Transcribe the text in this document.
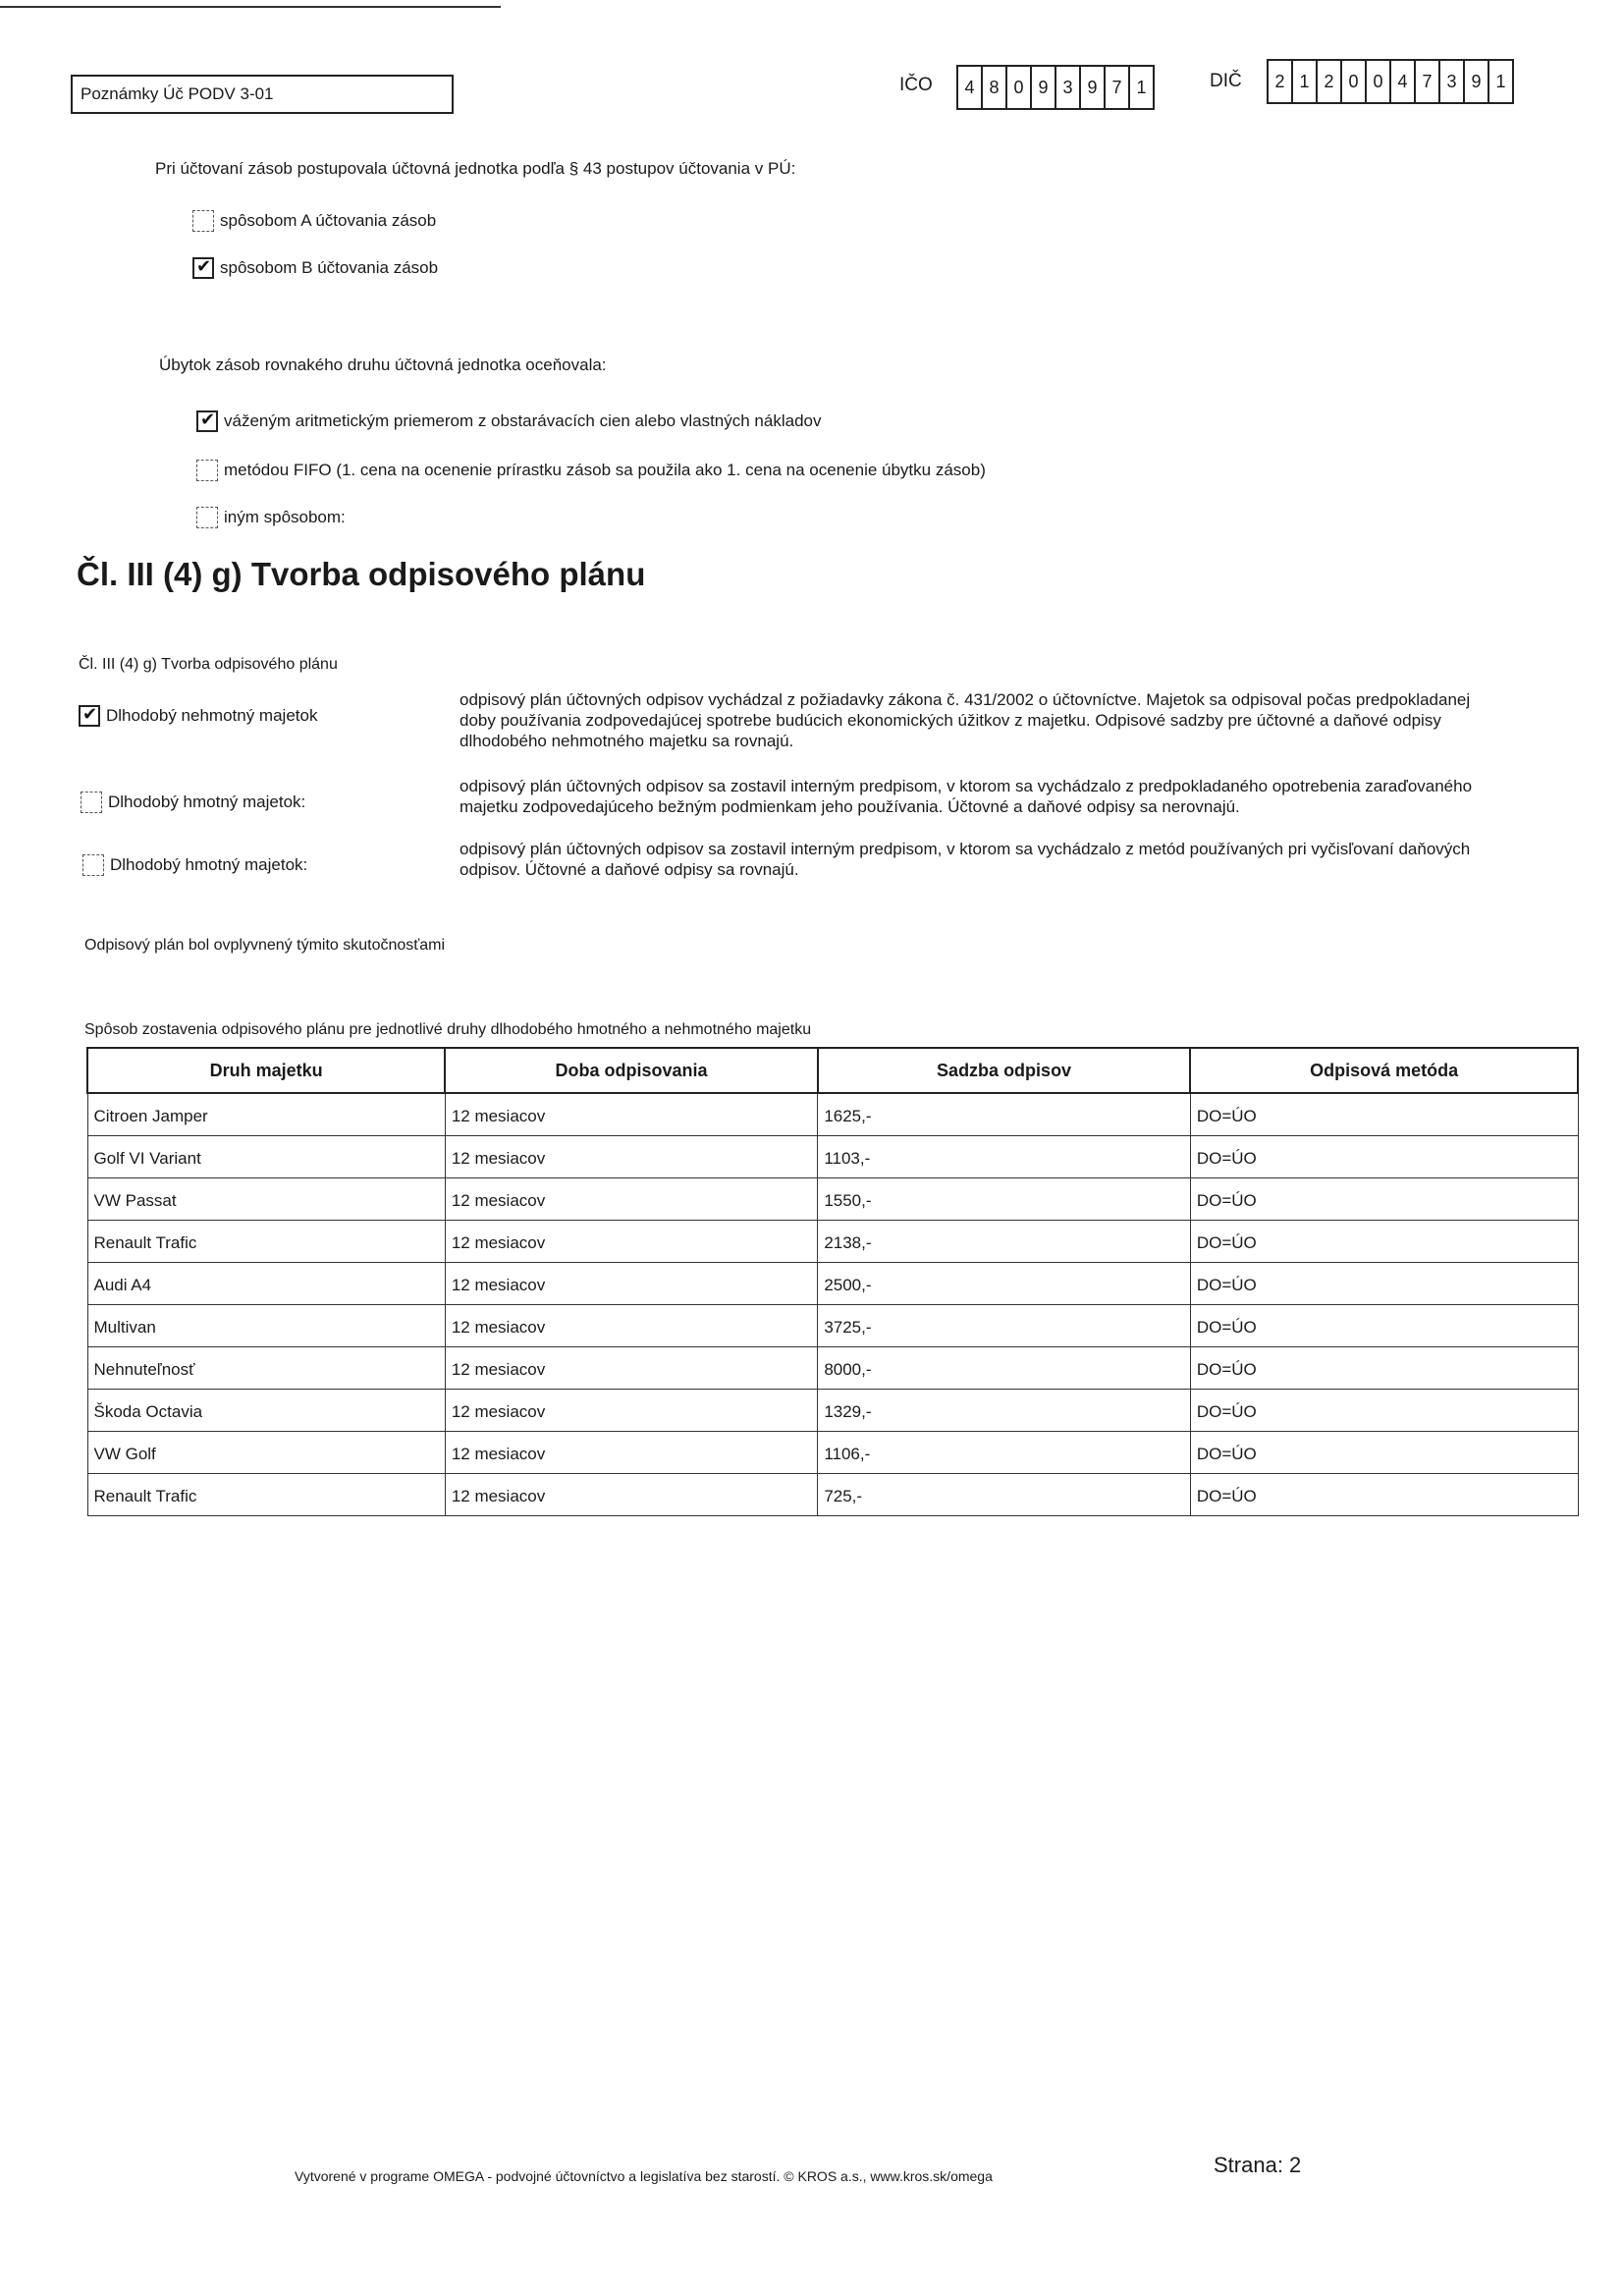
Poznámky Úč PODV 3-01	IČO	4 8 0 9 3 9 7 1	DIČ	2 1 2 0 0 4 7 3 9 1
Pri účtovaní zásob postupovala účtovná jednotka podľa § 43 postupov účtovania v PÚ:
spôsobom A účtovania zásob
✔
spôsobom B účtovania zásob
Úbytok zásob rovnakého druhu účtovná jednotka oceňovala:
✔
váženým aritmetickým priemerom z obstarávacích cien alebo vlastných nákladov
metódou FIFO (1. cena na ocenenie prírastku zásob sa použila ako 1. cena na ocenenie úbytku zásob)
iným spôsobom:
Čl. III (4) g) Tvorba odpisového plánu
Čl. III (4) g) Tvorba odpisového plánu
✔
Dlhodobý nehmotný majetok
odpisový plán účtovných odpisov vychádzal z požiadavky zákona č. 431/2002 o účtovníctve. Majetok sa odpisoval počas predpokladanej doby používania zodpovedajúcej spotrebe budúcich ekonomických úžitkov z majetku. Odpisové sadzby pre účtovné a daňové odpisy dlhodobého nehmotného majetku sa rovnajú.
Dlhodobý hmotný majetok:
odpisový plán účtovných odpisov sa zostavil interným predpisom, v ktorom sa vychádzalo z predpokladaného opotrebenia zaraďovaného majetku zodpovedajúceho bežným podmienkam jeho používania. Účtovné a daňové odpisy sa nerovnajú.
Dlhodobý hmotný majetok:
odpisový plán účtovných odpisov sa zostavil interným predpisom, v ktorom sa vychádzalo z metód používaných pri vyčisľovaní daňových odpisov. Účtovné a daňové odpisy sa rovnajú.
Odpisový plán bol ovplyvnený týmito skutočnosťami
Spôsob zostavenia odpisového plánu pre jednotlivé druhy dlhodobého hmotného a nehmotného majetku
Druh majetku	Doba odpisovania	Sadzba odpisov	Odpisová metóda
Citroen Jamper	12 mesiacov	1625,-	DO=ÚO
Golf VI Variant	12 mesiacov	1103,-	DO=ÚO
VW Passat	12 mesiacov	1550,-	DO=ÚO
Renault Trafic	12 mesiacov	2138,-	DO=ÚO
Audi A4	12 mesiacov	2500,-	DO=ÚO
Multivan	12 mesiacov	3725,-	DO=ÚO
Nehnuteľnosť	12 mesiacov	8000,-	DO=ÚO
Škoda Octavia	12 mesiacov	1329,-	DO=ÚO
VW Golf	12 mesiacov	1106,-	DO=ÚO
Renault Trafic	12 mesiacov	725,-	DO=ÚO
Vytvorené v programe OMEGA - podvojné účtovníctvo a legislatíva bez starostí. © KROS a.s., www.kros.sk/omega	Strana: 2
